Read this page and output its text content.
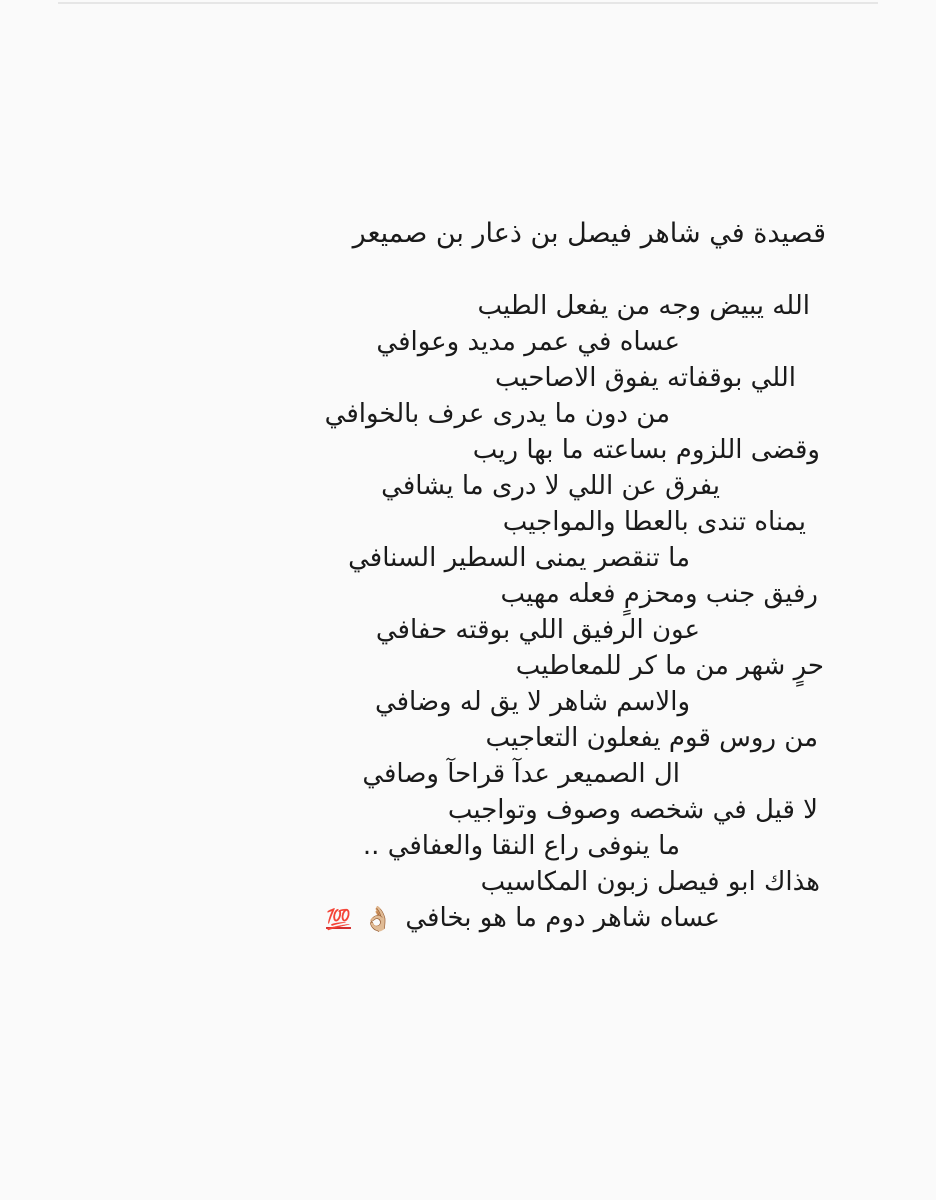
قصيدة في شاهر فيصل بن ذعار بن صميعر
الله يبيض وجه من يفعل الطيب
عساه في عمر مديد وعوافي
اللي بوقفاته يفوق الاصاحيب
من دون ما يدرى عرف بالخوافي
وقضى اللزوم بساعته ما بها ريب
يفرق عن اللي لا درى ما يشافي
يمناه تندى بالعطا والمواجيب
ما تنقصر يمنى السطير السنافي
رفيق جنب ومحزمٍ فعله مهيب
عون الرفيق اللي بوقته حفافي
حرٍ شهر من ما كر للمعاطيب
والاسم شاهر لا يق له وضافي
من روس قوم يفعلون التعاجيب
ال الصميعر عدآ قراحآ وصافي
لا قيل في شخصه وصوف وتواجيب
ما ينوفى راع النقا والعفافي ..
هذاك ابو فيصل زبون المكاسيب
عساه شاهر دوم ما هو بخافي 👌🏼 💯
